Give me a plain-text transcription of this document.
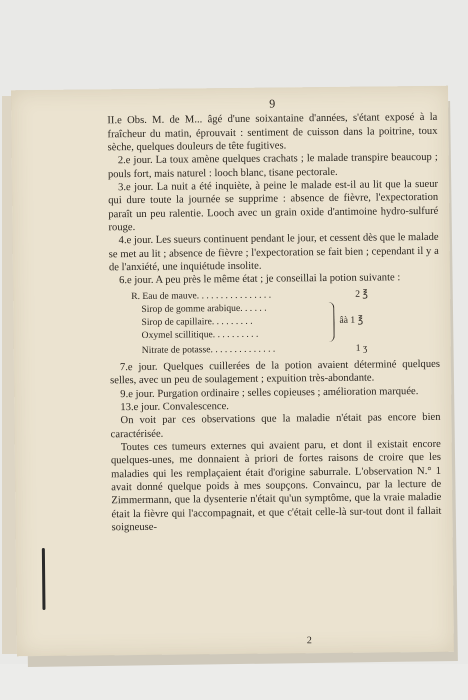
9

II.e Obs. M. de M... âgé d'une soixantaine d'années, s'étant exposé à la fraîcheur du matin, éprouvait : sentiment de cuisson dans la poitrine, toux sèche, quelques douleurs de tête fugitives.

2.e jour. La toux amène quelques crachats ; le malade transpire beaucoup ; pouls fort, mais naturel : looch blanc, tisane pectorale.

3.e jour. La nuit a été inquiète, à peine le malade est-il au lit que la sueur qui dure toute la journée se supprime : absence de fièvre, l'expectoration paraît un peu ralentie. Looch avec un grain oxide d'antimoine hydro-sulfuré rouge.

4.e jour. Les sueurs continuent pendant le jour, et cessent dès que le malade se met au lit ; absence de fièvre ; l'expectoration se fait bien ; cependant il y a de l'anxiété, une inquiétude insolite.

6.e jour. A peu près le même état ; je conseillai la potion suivante :

R. Eau de mauve. . . . . . . . . . . . . . . .	2 ℥
Sirop de gomme arabique. . . . . .
Sirop de capillaire. . . . . . . . .	âà 1 ℥
Oxymel scillitique. . . . . . . . . .
Nitrate de potasse. . . . . . . . . . . . . .	1 ʒ

7.e jour. Quelques cuillerées de la potion avaient déterminé quelques selles, avec un peu de soulagement ; expuition très-abondante.

9.e jour. Purgation ordinaire ; selles copieuses ; amélioration marquée.

13.e jour. Convalescence.

On voit par ces observations que la maladie n'était pas encore bien caractérisée.

Toutes ces tumeurs externes qui avaient paru, et dont il existait encore quelques-unes, me donnaient à priori de fortes raisons de croire que les maladies qui les remplaçaient était d'origine saburrale. L'observation N.° 1 avait donné quelque poids à mes soupçons. Convaincu, par la lecture de Zimmermann, que la dysenterie n'était qu'un symptôme, que la vraie maladie était la fièvre qui l'accompagnait, et que c'était celle-là sur-tout dont il fallait soigneuse-

2
